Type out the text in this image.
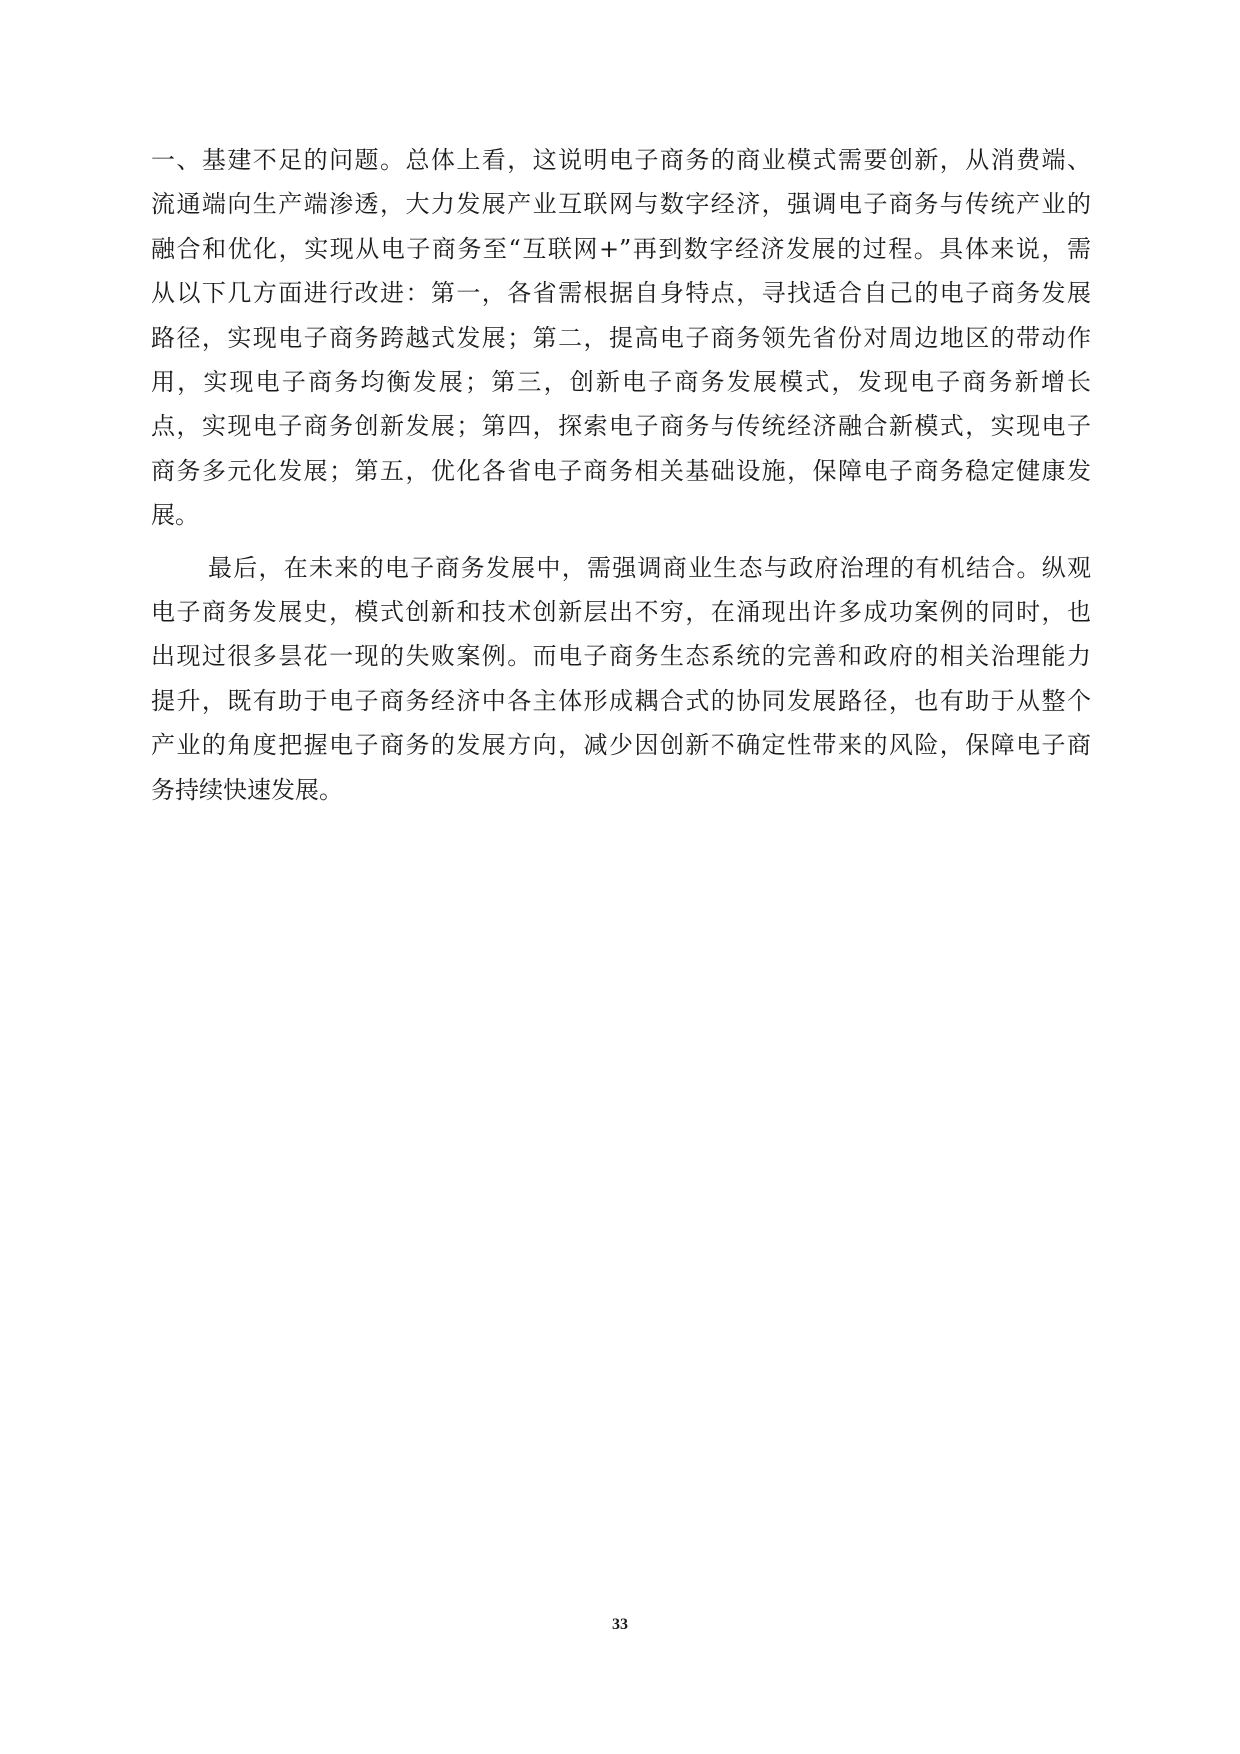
一、基建不足的问题。总体上看，这说明电子商务的商业模式需要创新，从消费端、
流通端向生产端渗透，大力发展产业互联网与数字经济，强调电子商务与传统产业的
融合和优化，实现从电子商务至“互联网+”再到数字经济发展的过程。具体来说，需
从以下几方面进行改进：第一，各省需根据自身特点，寻找适合自己的电子商务发展
路径，实现电子商务跨越式发展；第二，提高电子商务领先省份对周边地区的带动作
用，实现电子商务均衡发展；第三，创新电子商务发展模式，发现电子商务新增长
点，实现电子商务创新发展；第四，探索电子商务与传统经济融合新模式，实现电子
商务多元化发展；第五，优化各省电子商务相关基础设施，保障电子商务稳定健康发
展。
最后，在未来的电子商务发展中，需强调商业生态与政府治理的有机结合。纵观
电子商务发展史，模式创新和技术创新层出不穷，在涌现出许多成功案例的同时，也
出现过很多昙花一现的失败案例。而电子商务生态系统的完善和政府的相关治理能力
提升，既有助于电子商务经济中各主体形成耦合式的协同发展路径，也有助于从整个
产业的角度把握电子商务的发展方向，减少因创新不确定性带来的风险，保障电子商
务持续快速发展。
33
